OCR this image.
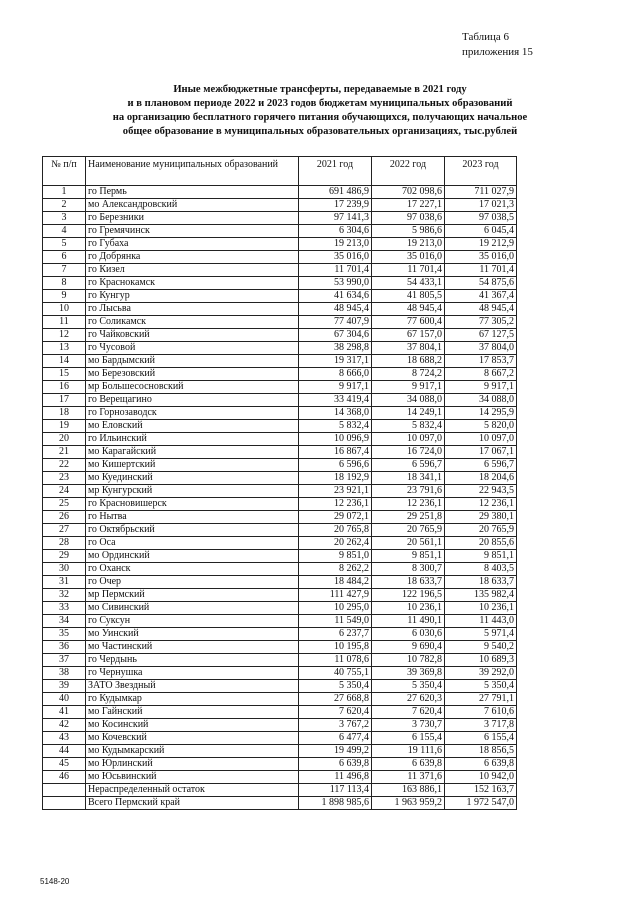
Таблица 6
приложения 15
Иные межбюджетные трансферты, передаваемые в 2021 году
и в плановом периоде 2022 и 2023 годов бюджетам муниципальных образований
на организацию бесплатного горячего питания обучающихся, получающих начальное
общее образование в муниципальных образовательных организациях, тыс.рублей
№ п/п	Наименование муниципальных образований	2021 год	2022 год	2023 год
1	го Пермь	691 486,9	702 098,6	711 027,9
2	мо Александровский	17 239,9	17 227,1	17 021,3
3	го Березники	97 141,3	97 038,6	97 038,5
4	го Гремячинск	6 304,6	5 986,6	6 045,4
5	го Губаха	19 213,0	19 213,0	19 212,9
6	го Добрянка	35 016,0	35 016,0	35 016,0
7	го Кизел	11 701,4	11 701,4	11 701,4
8	го Краснокамск	53 990,0	54 433,1	54 875,6
9	го Кунгур	41 634,6	41 805,5	41 367,4
10	го Лысьва	48 945,4	48 945,4	48 945,4
11	го Соликамск	77 407,9	77 600,4	77 305,2
12	го Чайковский	67 304,6	67 157,0	67 127,5
13	го Чусовой	38 298,8	37 804,1	37 804,0
14	мо Бардымский	19 317,1	18 688,2	17 853,7
15	мо Березовский	8 666,0	8 724,2	8 667,2
16	мр Большесосновский	9 917,1	9 917,1	9 917,1
17	го Верещагино	33 419,4	34 088,0	34 088,0
18	го Горнозаводск	14 368,0	14 249,1	14 295,9
19	мо Еловский	5 832,4	5 832,4	5 820,0
20	го Ильинский	10 096,9	10 097,0	10 097,0
21	мо Карагайский	16 867,4	16 724,0	17 067,1
22	мо Кишертский	6 596,6	6 596,7	6 596,7
23	мо Куединский	18 192,9	18 341,1	18 204,6
24	мр Кунгурский	23 921,1	23 791,6	22 943,5
25	го Красновишерск	12 236,1	12 236,1	12 236,1
26	го Нытва	29 072,1	29 251,8	29 380,1
27	го Октябрьский	20 765,8	20 765,9	20 765,9
28	го Оса	20 262,4	20 561,1	20 855,6
29	мо Ординский	9 851,0	9 851,1	9 851,1
30	го Оханск	8 262,2	8 300,7	8 403,5
31	го Очер	18 484,2	18 633,7	18 633,7
32	мр Пермский	111 427,9	122 196,5	135 982,4
33	мо Сивинский	10 295,0	10 236,1	10 236,1
34	го Суксун	11 549,0	11 490,1	11 443,0
35	мо Уинский	6 237,7	6 030,6	5 971,4
36	мо Частинский	10 195,8	9 690,4	9 540,2
37	го Чердынь	11 078,6	10 782,8	10 689,3
38	го Чернушка	40 755,1	39 369,8	39 292,0
39	ЗАТО Звездный	5 350,4	5 350,4	5 350,4
40	го Кудымкар	27 668,8	27 620,3	27 791,1
41	мо Гайнский	7 620,4	7 620,4	7 610,6
42	мо Косинский	3 767,2	3 730,7	3 717,8
43	мо Кочевский	6 477,4	6 155,4	6 155,4
44	мо Кудымкарский	19 499,2	19 111,6	18 856,5
45	мо Юрлинский	6 639,8	6 639,8	6 639,8
46	мо Юсьвинский	11 496,8	11 371,6	10 942,0
	Нераспределенный остаток	117 113,4	163 886,1	152 163,7
	Всего Пермский край	1 898 985,6	1 963 959,2	1 972 547,0
5148-20
